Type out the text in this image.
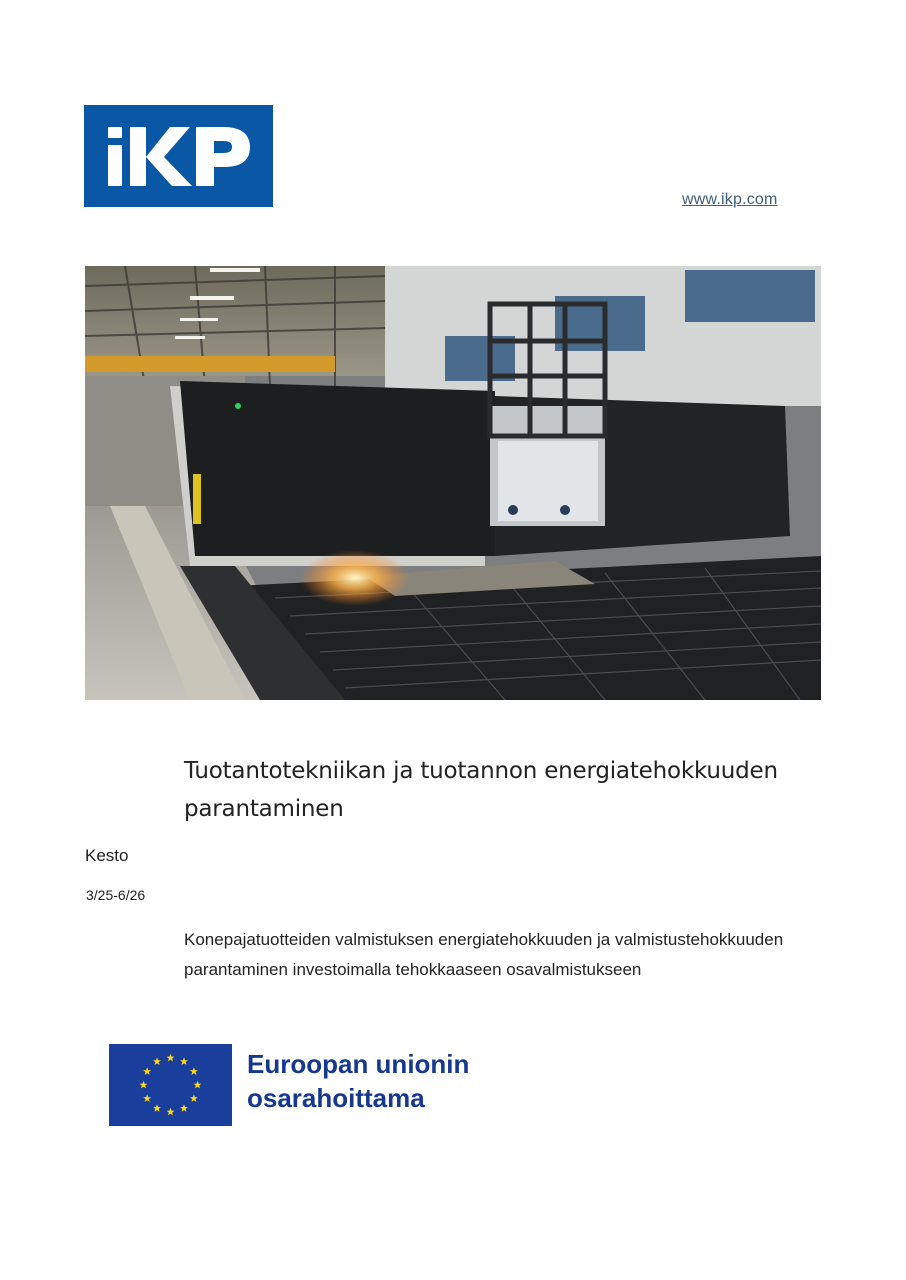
www.ikp.com
Tuotantotekniikan ja tuotannon energiatehokkuuden parantaminen
Kesto
3/25-6/26

Konepajatuotteiden valmistuksen energiatehokkuuden ja valmistustehokkuuden parantaminen investoimalla tehokkaaseen osavalmistukseen

Euroopan unionin
osarahoittama
